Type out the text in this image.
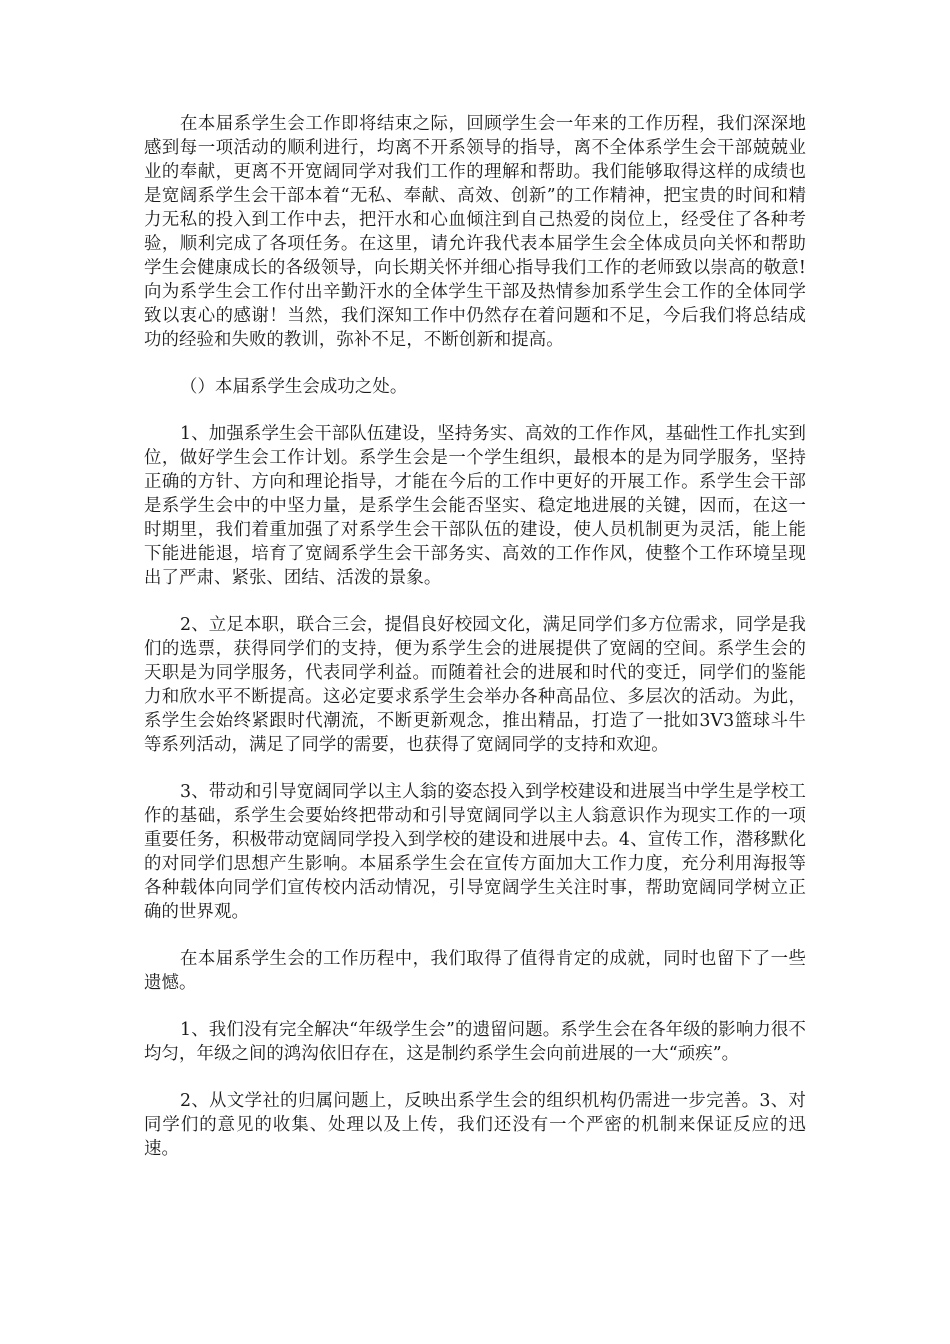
在本届系学生会工作即将结束之际，回顾学生会一年来的工作历程，我们深深地感到每一项活动的顺利进行，均离不开系领导的指导，离不全体系学生会干部兢兢业业的奉献，更离不开宽阔同学对我们工作的理解和帮助。我们能够取得这样的成绩也是宽阔系学生会干部本着“无私、奉献、高效、创新”的工作精神，把宝贵的时间和精力无私的投入到工作中去，把汗水和心血倾注到自己热爱的岗位上，经受住了各种考验，顺利完成了各项任务。在这里，请允许我代表本届学生会全体成员向关怀和帮助学生会健康成长的各级领导，向长期关怀并细心指导我们工作的老师致以崇高的敬意!向为系学生会工作付出辛勤汗水的全体学生干部及热情参加系学生会工作的全体同学致以衷心的感谢！当然，我们深知工作中仍然存在着问题和不足，今后我们将总结成功的经验和失败的教训，弥补不足，不断创新和提高。

（）本届系学生会成功之处。

1、加强系学生会干部队伍建设，坚持务实、高效的工作作风，基础性工作扎实到位，做好学生会工作计划。系学生会是一个学生组织，最根本的是为同学服务，坚持正确的方针、方向和理论指导，才能在今后的工作中更好的开展工作。系学生会干部是系学生会中的中坚力量，是系学生会能否坚实、稳定地进展的关键，因而，在这一时期里，我们着重加强了对系学生会干部队伍的建设，使人员机制更为灵活，能上能下能进能退，培育了宽阔系学生会干部务实、高效的工作作风，使整个工作环境呈现出了严肃、紧张、团结、活泼的景象。

2、立足本职，联合三会，提倡良好校园文化，满足同学们多方位需求，同学是我们的选票，获得同学们的支持，便为系学生会的进展提供了宽阔的空间。系学生会的天职是为同学服务，代表同学利益。而随着社会的进展和时代的变迁，同学们的鉴能力和欣水平不断提高。这必定要求系学生会举办各种高品位、多层次的活动。为此，系学生会始终紧跟时代潮流，不断更新观念，推出精品，打造了一批如3V3篮球斗牛等系列活动，满足了同学的需要，也获得了宽阔同学的支持和欢迎。

3、带动和引导宽阔同学以主人翁的姿态投入到学校建设和进展当中学生是学校工作的基础，系学生会要始终把带动和引导宽阔同学以主人翁意识作为现实工作的一项重要任务，积极带动宽阔同学投入到学校的建设和进展中去。4、宣传工作，潜移默化的对同学们思想产生影响。本届系学生会在宣传方面加大工作力度，充分利用海报等各种载体向同学们宣传校内活动情况，引导宽阔学生关注时事，帮助宽阔同学树立正确的世界观。

在本届系学生会的工作历程中，我们取得了值得肯定的成就，同时也留下了一些遗憾。

1、我们没有完全解决“年级学生会”的遗留问题。系学生会在各年级的影响力很不均匀，年级之间的鸿沟依旧存在，这是制约系学生会向前进展的一大“顽疾”。

2、从文学社的归属问题上，反映出系学生会的组织机构仍需进一步完善。3、对同学们的意见的收集、处理以及上传，我们还没有一个严密的机制来保证反应的迅速。
